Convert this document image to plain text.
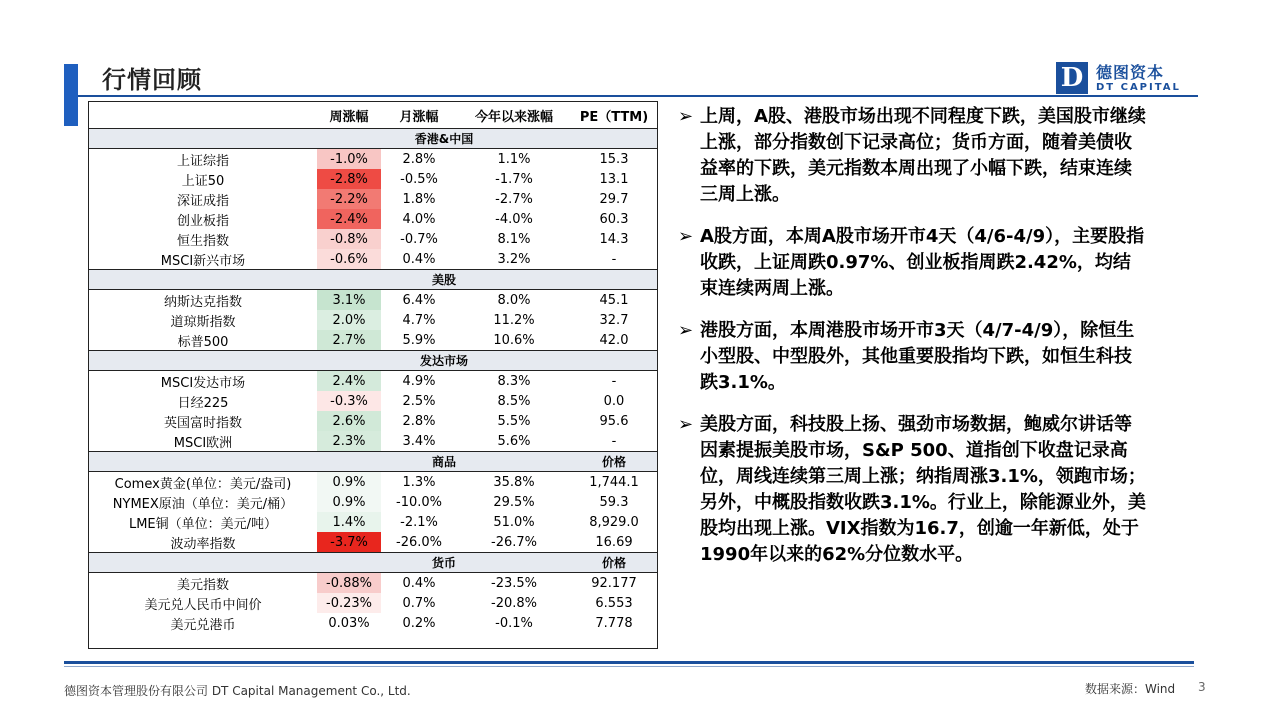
行情回顾	D 德图资本
DT CAPITAL
	周涨幅	月涨幅	今年以来涨幅	PE（TTM)
	香港&中国			
上证综指	-1.0%	2.8%	1.1%	15.3
上证50	-2.8%	-0.5%	-1.7%	13.1
深证成指	-2.2%	1.8%	-2.7%	29.7
创业板指	-2.4%	4.0%	-4.0%	60.3
恒生指数	-0.8%	-0.7%	8.1%	14.3
MSCI新兴市场	-0.6%	0.4%	3.2%	-
	美股			
纳斯达克指数	3.1%	6.4%	8.0%	45.1
道琼斯指数	2.0%	4.7%	11.2%	32.7
标普500	2.7%	5.9%	10.6%	42.0
	发达市场			
MSCI发达市场	2.4%	4.9%	8.3%	-
日经225	-0.3%	2.5%	8.5%	0.0
英国富时指数	2.6%	2.8%	5.5%	95.6
MSCI欧洲	2.3%	3.4%	5.6%	-
	商品			价格
Comex黄金(单位：美元/盎司)	0.9%	1.3%	35.8%	1,744.1
NYMEX原油（单位：美元/桶）	0.9%	-10.0%	29.5%	59.3
LME铜（单位：美元/吨）	1.4%	-2.1%	51.0%	8,929.0
波动率指数	-3.7%	-26.0%	-26.7%	16.69
	货币			价格
美元指数	-0.88%	0.4%	-23.5%	92.177
美元兑人民币中间价	-0.23%	0.7%	-20.8%	6.553
美元兑港币	0.03%	0.2%	-0.1%	7.778
➢ 上周，A股、港股市场出现不同程度下跌，美国股市继续上涨，部分指数创下记录高位；货币方面，随着美债收益率的下跌，美元指数本周出现了小幅下跌，结束连续三周上涨。
➢ A股方面，本周A股市场开市4天（4/6-4/9），主要股指收跌，上证周跌0.97%、创业板指周跌2.42%，均结束连续两周上涨。
➢ 港股方面，本周港股市场开市3天（4/7-4/9），除恒生小型股、中型股外，其他重要股指均下跌，如恒生科技跌3.1%。
➢ 美股方面，科技股上扬、强劲市场数据，鲍威尔讲话等因素提振美股市场，S&P 500、道指创下收盘记录高位，周线连续第三周上涨；纳指周涨3.1%，领跑市场；另外，中概股指数收跌3.1%。行业上，除能源业外，美股均出现上涨。VIX指数为16.7，创逾一年新低，处于1990年以来的62%分位数水平。
德图资本管理股份有限公司 DT Capital Management Co., Ltd.	数据来源：Wind 3
